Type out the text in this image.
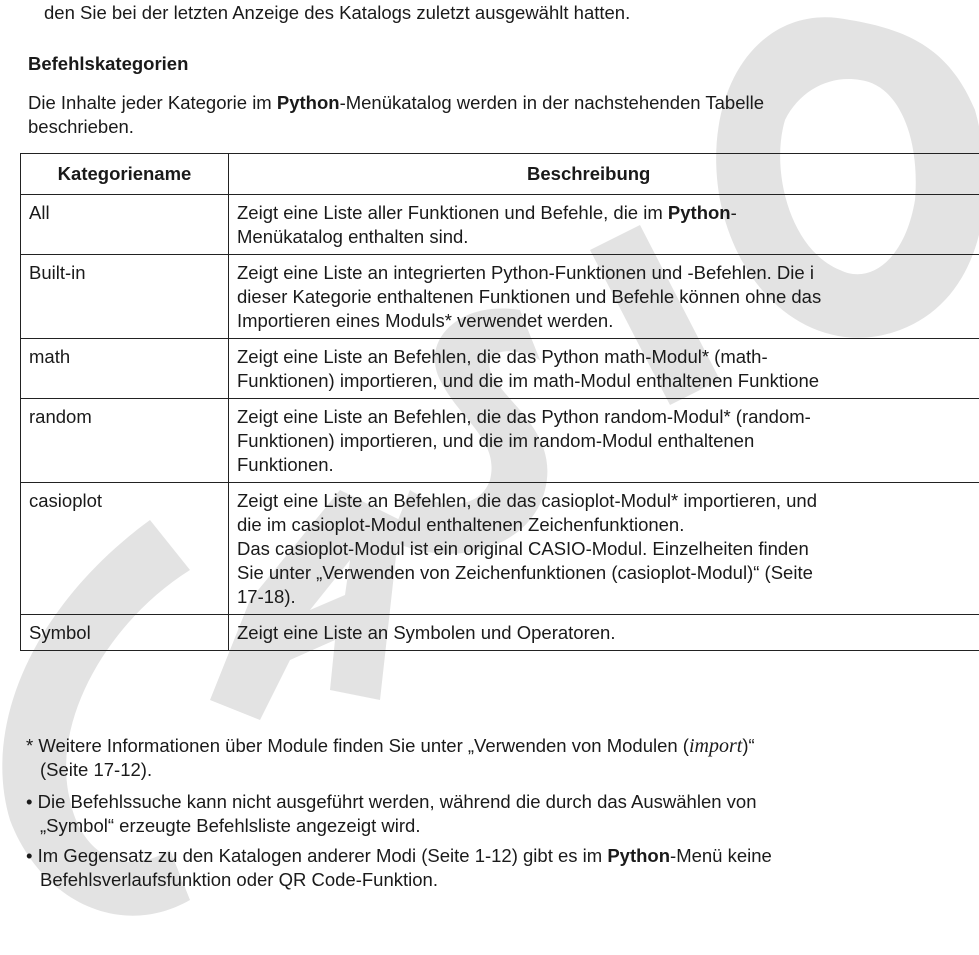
den Sie bei der letzten Anzeige des Katalogs zuletzt ausgewählt hatten.
Befehlskategorien
Die Inhalte jeder Kategorie im Python-Menükatalog werden in der nachstehenden Tabelle
beschrieben.
Kategoriename	Beschreibung
All	Zeigt eine Liste aller Funktionen und Befehle, die im Python-
Menükatalog enthalten sind.

Built-in	Zeigt eine Liste an integrierten Python-Funktionen und -Befehlen. Die i
dieser Kategorie enthaltenen Funktionen und Befehle können ohne das
Importieren eines Moduls* verwendet werden.

math	Zeigt eine Liste an Befehlen, die das Python math-Modul* (math-
Funktionen) importieren, und die im math-Modul enthaltenen Funktione

random	Zeigt eine Liste an Befehlen, die das Python random-Modul* (random-
Funktionen) importieren, und die im random-Modul enthaltenen
Funktionen.

casioplot	Zeigt eine Liste an Befehlen, die das casioplot-Modul* importieren, und
die im casioplot-Modul enthaltenen Zeichenfunktionen.
Das casioplot-Modul ist ein original CASIO-Modul. Einzelheiten finden
Sie unter „Verwenden von Zeichenfunktionen (casioplot-Modul)“ (Seite
17-18).

Symbol	Zeigt eine Liste an Symbolen und Operatoren.
* Weitere Informationen über Module finden Sie unter „Verwenden von Modulen (import)“
(Seite 17-12).
• Die Befehlssuche kann nicht ausgeführt werden, während die durch das Auswählen von
„Symbol“ erzeugte Befehlsliste angezeigt wird.
• Im Gegensatz zu den Katalogen anderer Modi (Seite 1-12) gibt es im Python-Menü keine
Befehlsverlaufsfunktion oder QR Code-Funktion.
